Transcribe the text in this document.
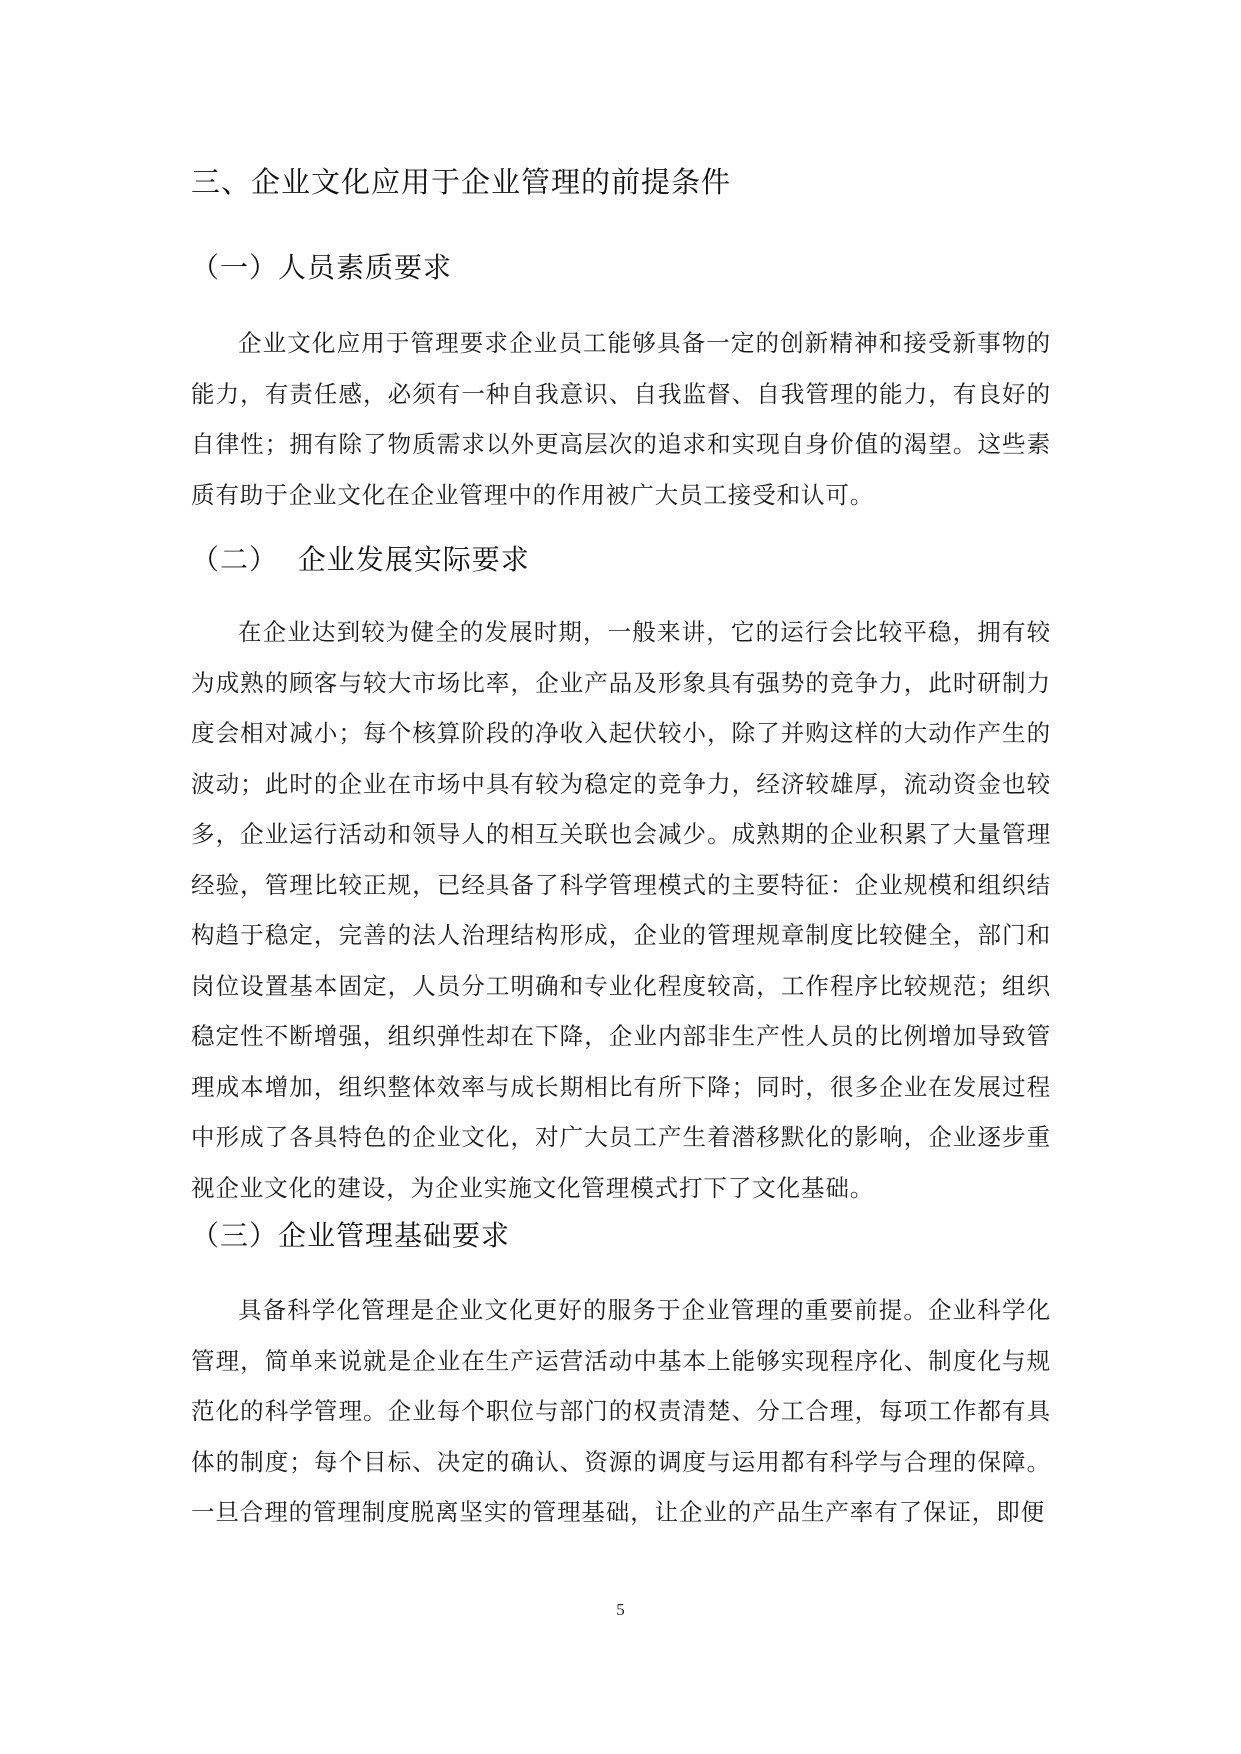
三、企业文化应用于企业管理的前提条件
（一）人员素质要求

企业文化应用于管理要求企业员工能够具备一定的创新精神和接受新事物的能力，有责任感，必须有一种自我意识、自我监督、自我管理的能力，有良好的自律性；拥有除了物质需求以外更高层次的追求和实现自身价值的渴望。这些素质有助于企业文化在企业管理中的作用被广大员工接受和认可。

（二）  企业发展实际要求

在企业达到较为健全的发展时期，一般来讲，它的运行会比较平稳，拥有较为成熟的顾客与较大市场比率，企业产品及形象具有强势的竞争力，此时研制力度会相对减小；每个核算阶段的净收入起伏较小，除了并购这样的大动作产生的波动；此时的企业在市场中具有较为稳定的竞争力，经济较雄厚，流动资金也较多，企业运行活动和领导人的相互关联也会减少。成熟期的企业积累了大量管理经验，管理比较正规，已经具备了科学管理模式的主要特征：企业规模和组织结构趋于稳定，完善的法人治理结构形成，企业的管理规章制度比较健全，部门和岗位设置基本固定，人员分工明确和专业化程度较高，工作程序比较规范；组织稳定性不断增强，组织弹性却在下降，企业内部非生产性人员的比例增加导致管理成本增加，组织整体效率与成长期相比有所下降；同时，很多企业在发展过程中形成了各具特色的企业文化，对广大员工产生着潜移默化的影响，企业逐步重视企业文化的建设，为企业实施文化管理模式打下了文化基础。

（三）企业管理基础要求

具备科学化管理是企业文化更好的服务于企业管理的重要前提。企业科学化管理，简单来说就是企业在生产运营活动中基本上能够实现程序化、制度化与规范化的科学管理。企业每个职位与部门的权责清楚、分工合理，每项工作都有具体的制度；每个目标、决定的确认、资源的调度与运用都有科学与合理的保障。一旦合理的管理制度脱离坚实的管理基础，让企业的产品生产率有了保证，即便

5
